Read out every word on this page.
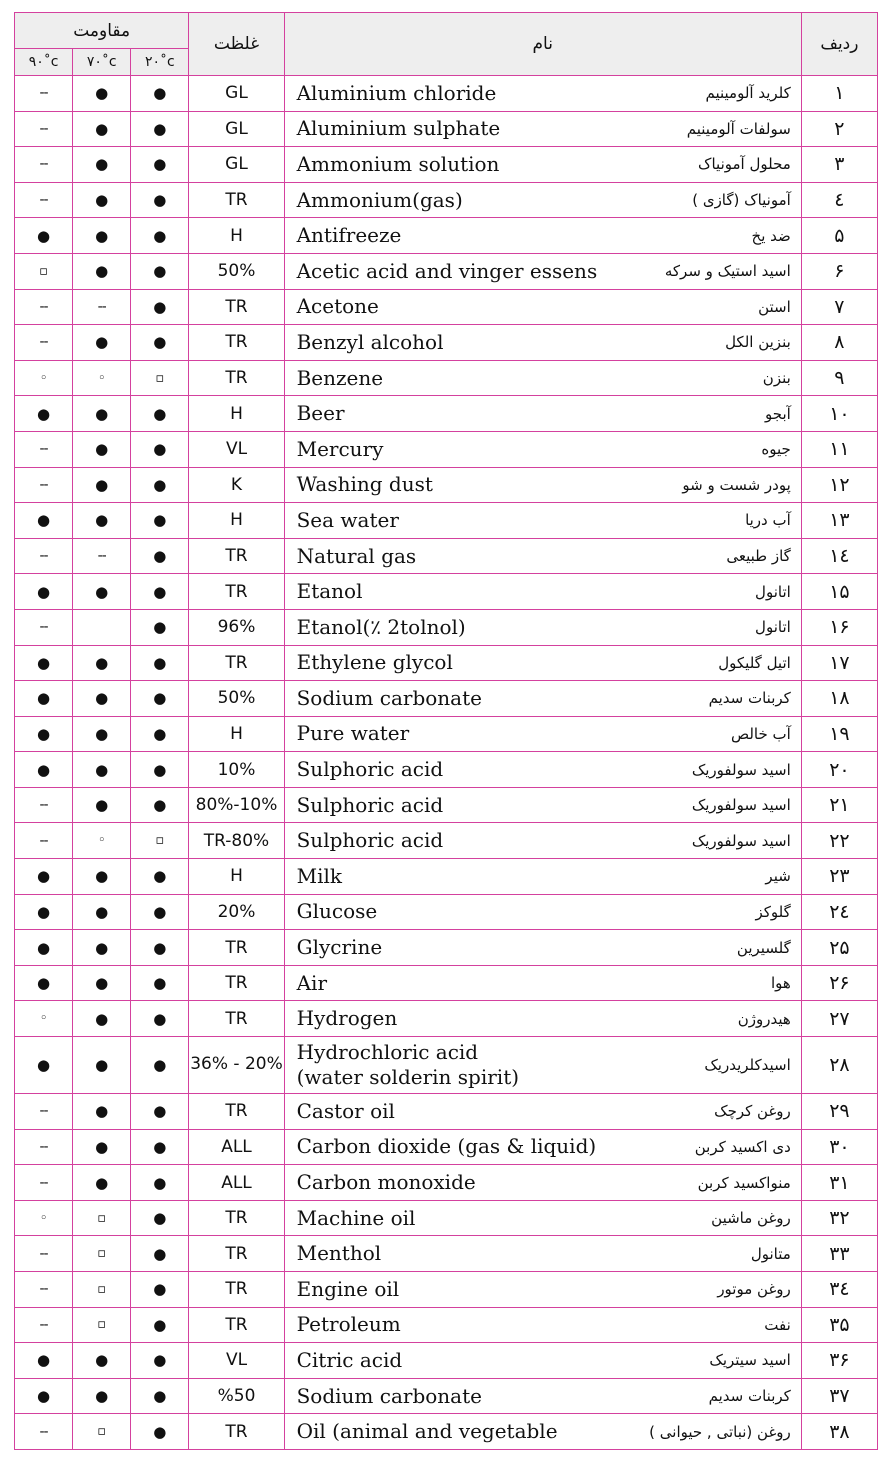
مقاومت			غلظت	نام	ردیف
۹۰˚c	۷۰˚c	۲۰˚c			
--	●	●	GL	Aluminium chloride کلرید آلومینیم	۱
--	●	●	GL	Aluminium sulphate سولفات آلومینیم	۲
--	●	●	GL	Ammonium solution محلول آمونیاک	۳
--	●	●	TR	Ammonium(gas) آمونیاک (گازی )	٤
●	●	●	H	Antifreeze ضد یخ	۵
▫	●	●	50%	Acetic acid and vinger essens اسید استیک و سرکه	۶
--	--	●	TR	Acetone استن	۷
--	●	●	TR	Benzyl alcohol بنزین الکل	۸
◦	◦	▫	TR	Benzene بنزن	۹
●	●	●	H	Beer آبجو	۱۰
--	●	●	VL	Mercury جیوه	۱۱
--	●	●	K	Washing dust پودر شست و شو	۱۲
●	●	●	H	Sea water آب دریا	۱۳
--	--	●	TR	Natural gas گاز طبیعی	۱٤
●	●	●	TR	Etanol اتانول	۱۵
--		●	96%	Etanol(٪ 2tolnol) اتانول	۱۶
●	●	●	TR	Ethylene glycol اتیل گلیکول	۱۷
●	●	●	50%	Sodium carbonate کربنات سدیم	۱۸
●	●	●	H	Pure water آب خالص	۱۹
●	●	●	10%	Sulphoric acid اسید سولفوریک	۲۰
--	●	●	80%-10%	Sulphoric acid اسید سولفوریک	۲۱
--	◦	▫	TR-80%	Sulphoric acid اسید سولفوریک	۲۲
●	●	●	H	Milk شیر	۲۳
●	●	●	20%	Glucose گلوکز	۲٤
●	●	●	TR	Glycrine گلسیرین	۲۵
●	●	●	TR	Air هوا	۲۶
◦	●	●	TR	Hydrogen هیدروژن	۲۷
●	●	●	36% - 20%	Hydrochloric acid
(water solderin spirit) اسیدکلریدریک	۲۸
--	●	●	TR	Castor oil روغن کرچک	۲۹
--	●	●	ALL	Carbon dioxide (gas & liquid) دی اکسید کربن	۳۰
--	●	●	ALL	Carbon monoxide منواکسید کربن	۳۱
◦	▫	●	TR	Machine oil روغن ماشین	۳۲
--	▫	●	TR	Menthol متانول	۳۳
--	▫	●	TR	Engine oil روغن موتور	۳٤
--	▫	●	TR	Petroleum نفت	۳۵
●	●	●	VL	Citric acid اسید سیتریک	۳۶
●	●	●	%50	Sodium carbonate کربنات سدیم	۳۷
--	▫	●	TR	Oil (animal and vegetable روغن (نباتی , حیوانی )	۳۸
